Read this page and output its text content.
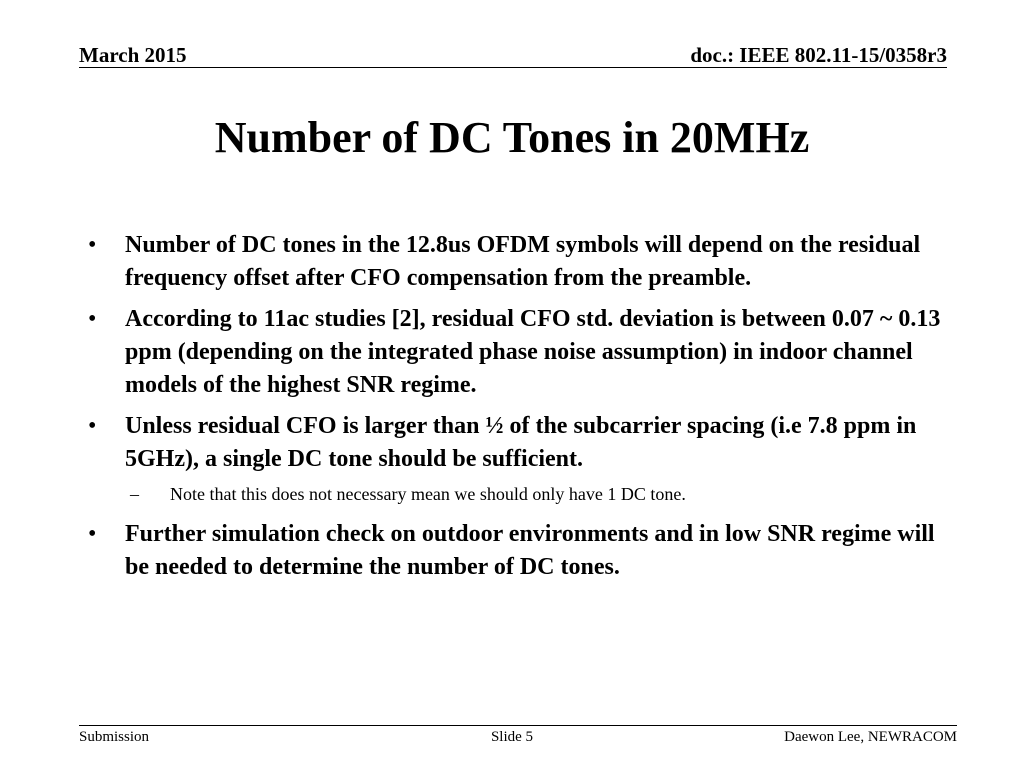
March 2015	doc.: IEEE 802.11-15/0358r3
Number of DC Tones in 20MHz
• Number of DC tones in the 12.8us OFDM symbols will depend on the residual frequency offset after CFO compensation from the preamble.
• According to 11ac studies [2], residual CFO std. deviation is between 0.07 ~ 0.13 ppm (depending on the integrated phase noise assumption) in indoor channel models of the highest SNR regime.
• Unless residual CFO is larger than ½ of the subcarrier spacing (i.e 7.8 ppm in 5GHz), a single DC tone should be sufficient.
– Note that this does not necessary mean we should only have 1 DC tone.
• Further simulation check on outdoor environments and in low SNR regime will be needed to determine the number of DC tones.
Submission	Slide 5	Daewon Lee, NEWRACOM
